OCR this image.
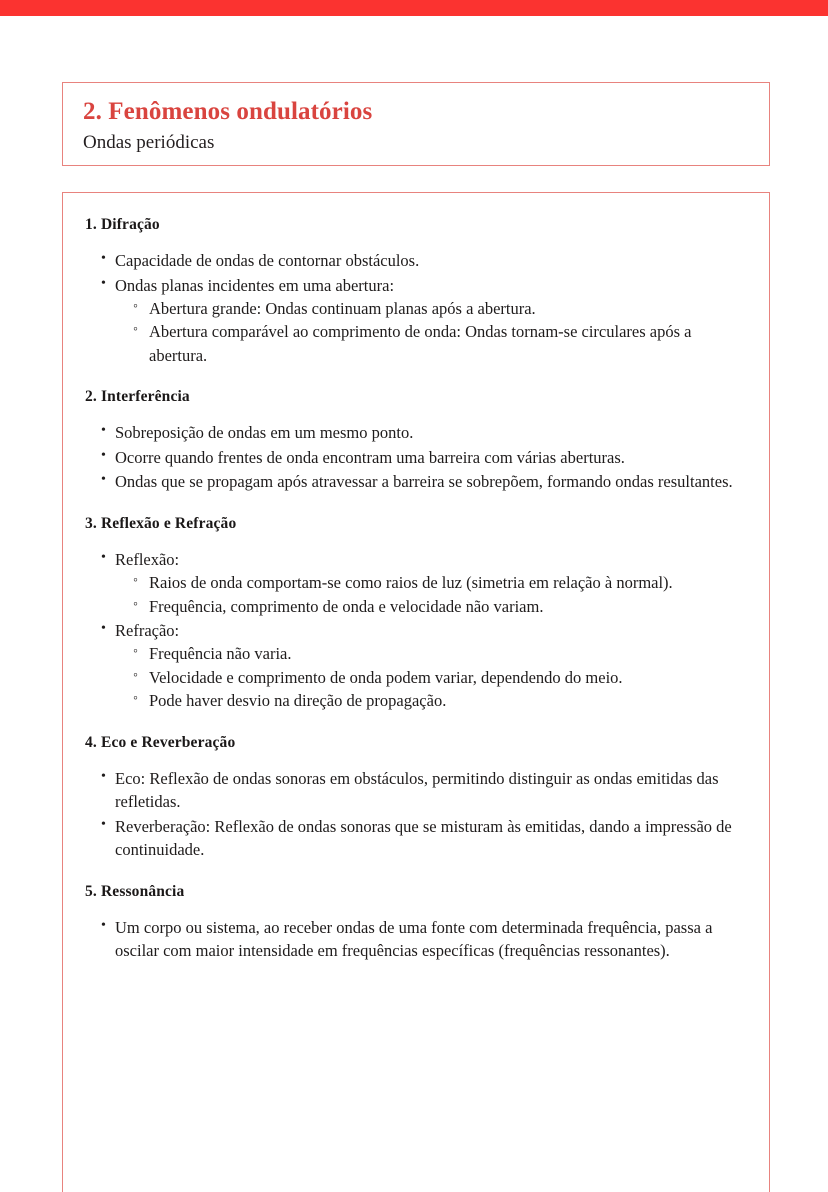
2. Fenômenos ondulatórios

Ondas periódicas

1. Difração
• Capacidade de ondas de contornar obstáculos.
• Ondas planas incidentes em uma abertura:
◦ Abertura grande: Ondas continuam planas após a abertura.
◦ Abertura comparável ao comprimento de onda: Ondas tornam-se circulares após a abertura.
2. Interferência
• Sobreposição de ondas em um mesmo ponto.
• Ocorre quando frentes de onda encontram uma barreira com várias aberturas.
• Ondas que se propagam após atravessar a barreira se sobrepõem, formando ondas resultantes.
3. Reflexão e Refração
• Reflexão:
◦ Raios de onda comportam-se como raios de luz (simetria em relação à normal).
◦ Frequência, comprimento de onda e velocidade não variam.
• Refração:
◦ Frequência não varia.
◦ Velocidade e comprimento de onda podem variar, dependendo do meio.
◦ Pode haver desvio na direção de propagação.
4. Eco e Reverberação
• Eco: Reflexão de ondas sonoras em obstáculos, permitindo distinguir as ondas emitidas das refletidas.
• Reverberação: Reflexão de ondas sonoras que se misturam às emitidas, dando a impressão de continuidade.
5. Ressonância
• Um corpo ou sistema, ao receber ondas de uma fonte com determinada frequência, passa a oscilar com maior intensidade em frequências específicas (frequências ressonantes).
